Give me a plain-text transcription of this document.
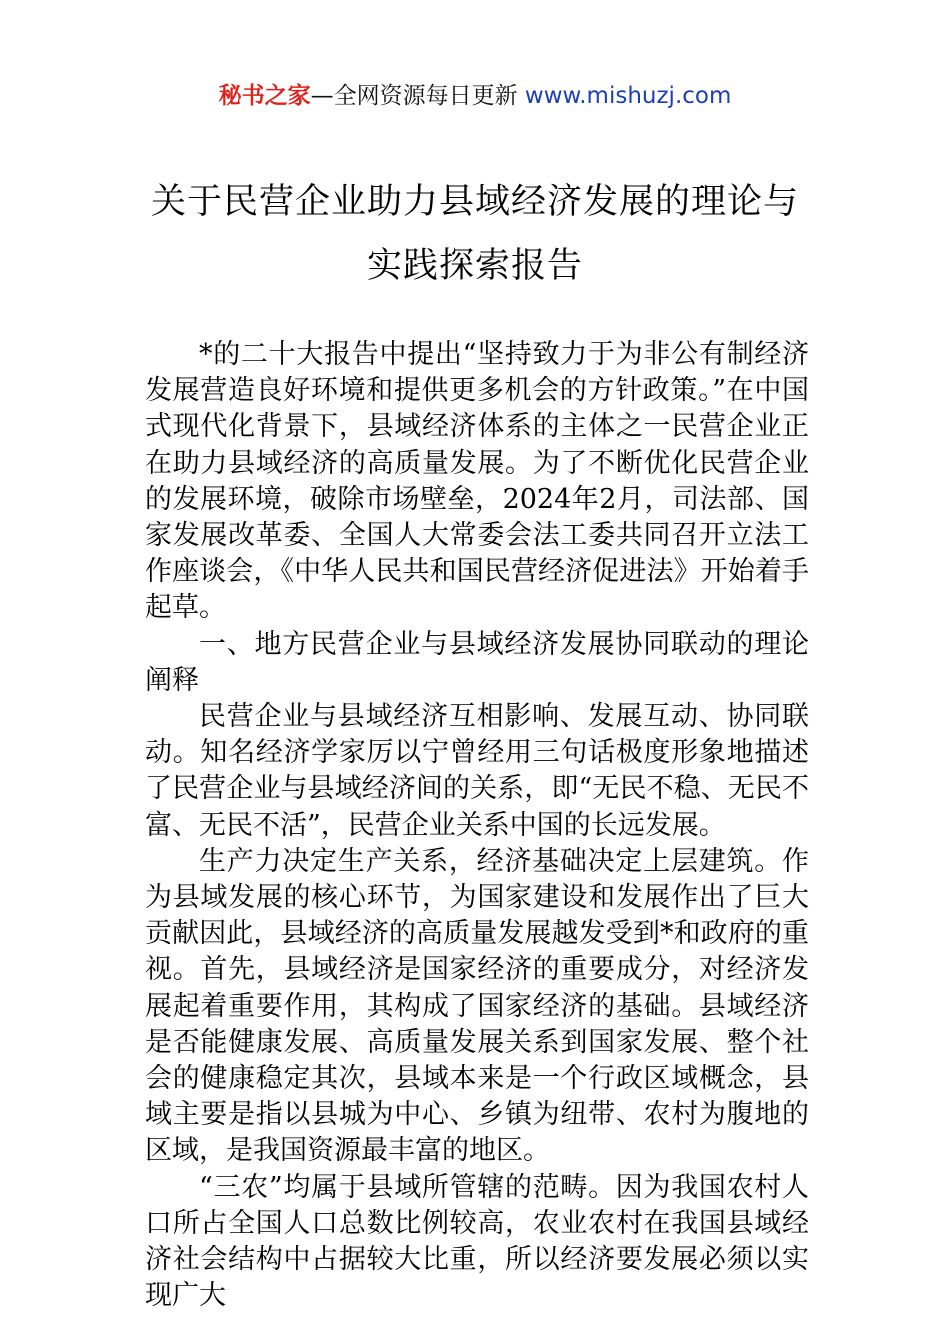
秘书之家—全网资源每日更新 www.mishuzj.com
关于民营企业助力县域经济发展的理论与
实践探索报告

*的二十大报告中提出“坚持致力于为非公有制经济发展营造良好环境和提供更多机会的方针政策。”在中国式现代化背景下，县域经济体系的主体之一民营企业正在助力县域经济的高质量发展。为了不断优化民营企业的发展环境，破除市场壁垒，2024年2月，司法部、国家发展改革委、全国人大常委会法工委共同召开立法工作座谈会，《中华人民共和国民营经济促进法》开始着手起草。

一、地方民营企业与县域经济发展协同联动的理论阐释

民营企业与县域经济互相影响、发展互动、协同联动。知名经济学家厉以宁曾经用三句话极度形象地描述了民营企业与县域经济间的关系，即“无民不稳、无民不富、无民不活”，民营企业关系中国的长远发展。

生产力决定生产关系，经济基础决定上层建筑。作为县域发展的核心环节，为国家建设和发展作出了巨大贡献因此，县域经济的高质量发展越发受到*和政府的重视。首先，县域经济是国家经济的重要成分，对经济发展起着重要作用，其构成了国家经济的基础。县域经济是否能健康发展、高质量发展关系到国家发展、整个社会的健康稳定其次，县域本来是一个行政区域概念，县域主要是指以县城为中心、乡镇为纽带、农村为腹地的区域，是我国资源最丰富的地区。

“三农”均属于县域所管辖的范畴。因为我国农村人口所占全国人口总数比例较高，农业农村在我国县域经济社会结构中占据较大比重，所以经济要发展必须以实现广大
